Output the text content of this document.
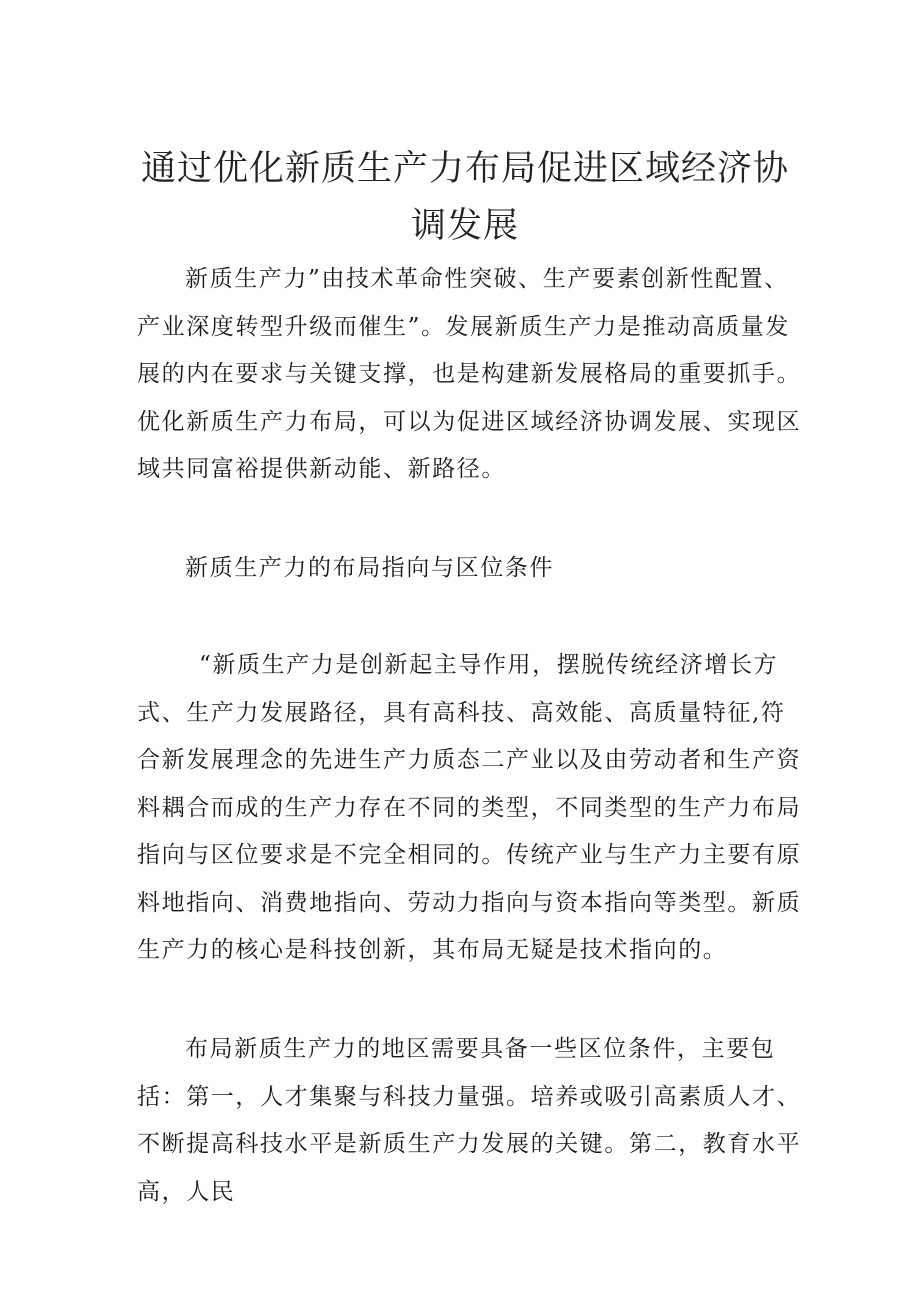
通过优化新质生产力布局促进区域经济协
调发展

新质生产力”由技术革命性突破、生产要素创新性配置、产业深度转型升级而催生”。发展新质生产力是推动高质量发展的内在要求与关键支撑，也是构建新发展格局的重要抓手。优化新质生产力布局，可以为促进区域经济协调发展、实现区域共同富裕提供新动能、新路径。

新质生产力的布局指向与区位条件

“新质生产力是创新起主导作用，摆脱传统经济增长方式、生产力发展路径，具有高科技、高效能、高质量特征,符合新发展理念的先进生产力质态二产业以及由劳动者和生产资料耦合而成的生产力存在不同的类型，不同类型的生产力布局指向与区位要求是不完全相同的。传统产业与生产力主要有原料地指向、消费地指向、劳动力指向与资本指向等类型。新质生产力的核心是科技创新，其布局无疑是技术指向的。

布局新质生产力的地区需要具备一些区位条件，主要包括：第一，人才集聚与科技力量强。培养或吸引高素质人才、不断提高科技水平是新质生产力发展的关键。第二，教育水平高，人民
